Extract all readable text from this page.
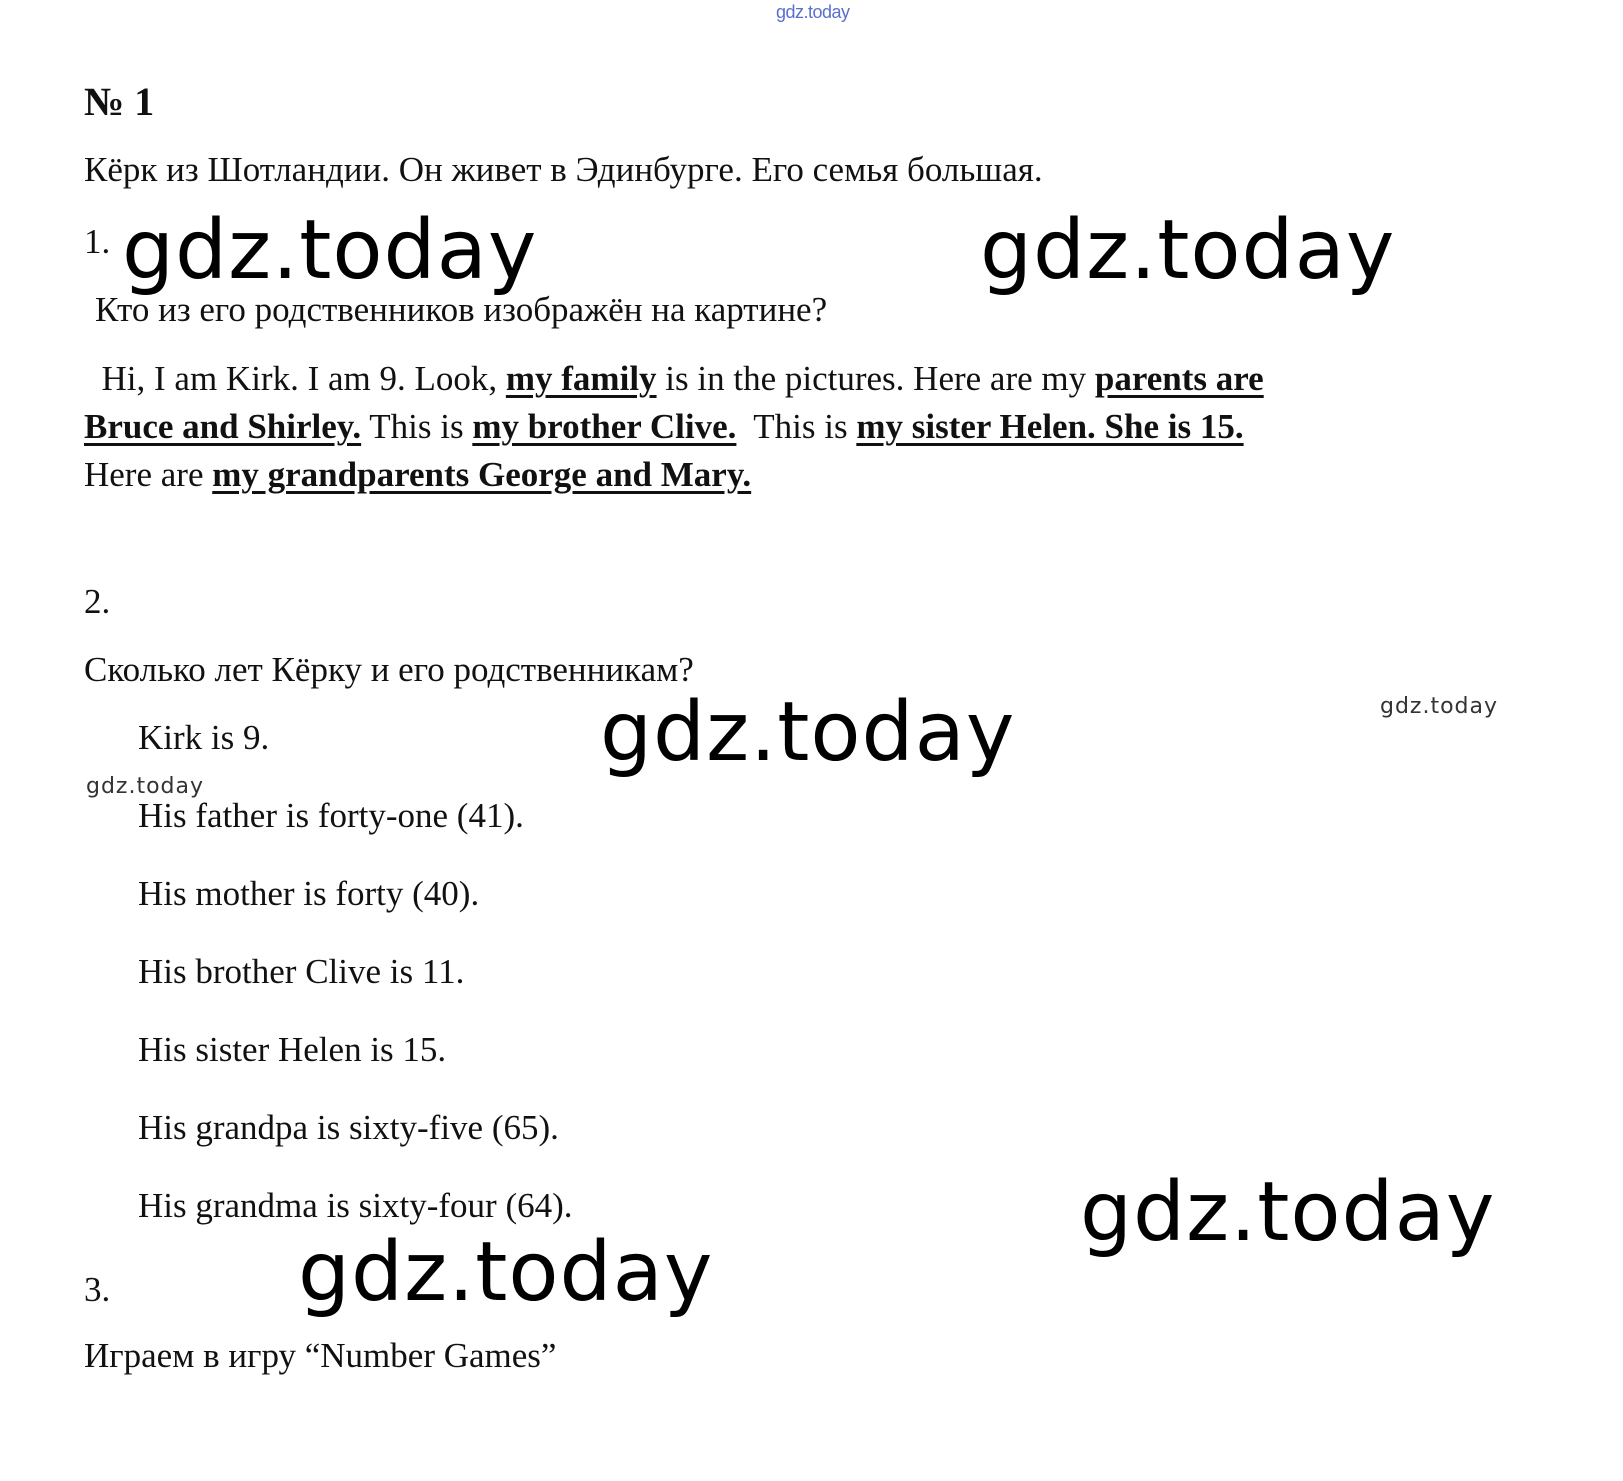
gdz.today
№ 1
Кёрк из Шотландии. Он живет в Эдинбурге. Его семья большая.
1. gdz.today	gdz.today
Кто из его родственников изображён на картине?
Hi, I am Kirk. I am 9. Look, my family is in the pictures. Here are my parents are
Bruce and Shirley. This is my brother Clive.  This is my sister Helen. She is 15.
Here are my grandparents George and Mary.
2.
Сколько лет Кёрку и его родственникам?
gdz.today
gdz.today
gdz.today
Kirk is 9.
His father is forty-one (41).
His mother is forty (40).
His brother Clive is 11.
His sister Helen is 15.
His grandpa is sixty-five (65).
His grandma is sixty-four (64).	gdz.today
3. gdz.today
Играем в игру “Number Games”
